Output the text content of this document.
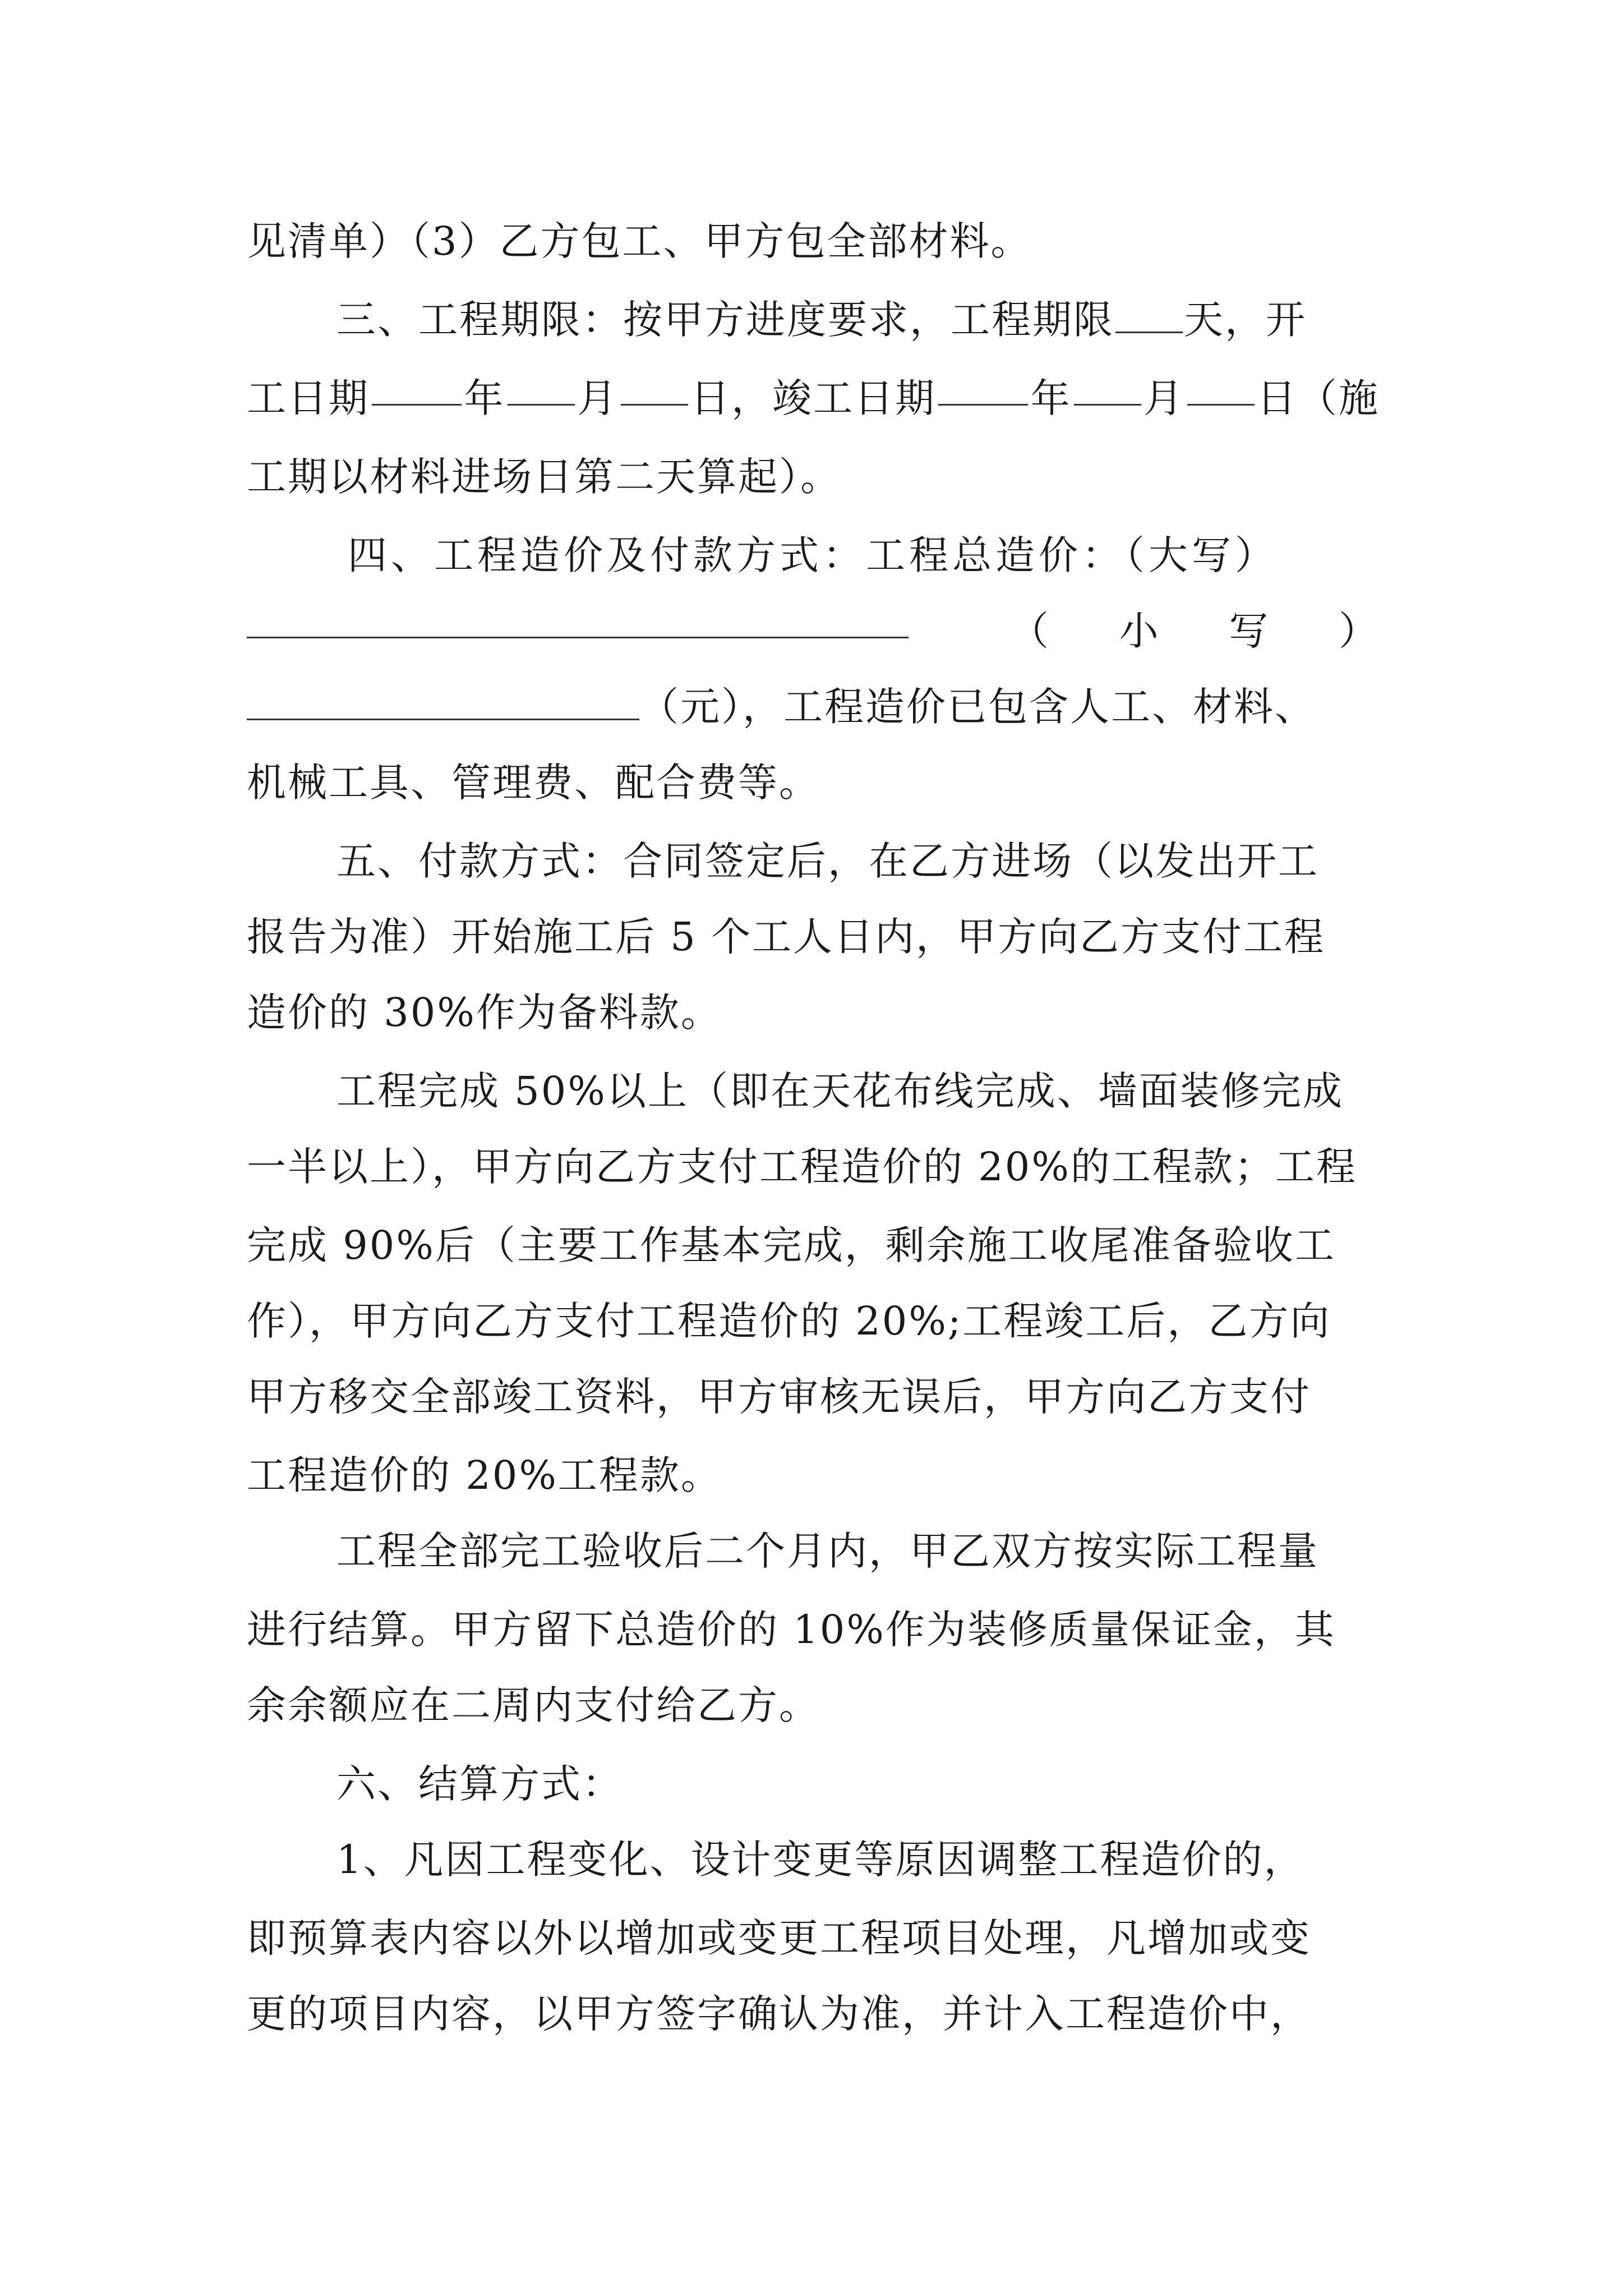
见清单）（3）乙方包工、甲方包全部材料。
三、工程期限：按甲方进度要求，工程期限 天，开
工日期 年 月 日，竣工日期 年 月 日（施
工期以材料进场日第二天算起）。
四、工程造价及付款方式：工程总造价：（大写）
（ 小 写 ）
（元），工程造价已包含人工、材料、
机械工具、管理费、配合费等。
五、付款方式：合同签定后，在乙方进场（以发出开工
报告为准）开始施工后 5 个工人日内，甲方向乙方支付工程
造价的 30%作为备料款。
工程完成 50%以上（即在天花布线完成、墙面装修完成
一半以上），甲方向乙方支付工程造价的 20%的工程款；工程
完成 90%后（主要工作基本完成，剩余施工收尾准备验收工
作），甲方向乙方支付工程造价的 20%;工程竣工后，乙方向
甲方移交全部竣工资料，甲方审核无误后，甲方向乙方支付
工程造价的 20%工程款。
工程全部完工验收后二个月内，甲乙双方按实际工程量
进行结算。甲方留下总造价的 10%作为装修质量保证金，其
余余额应在二周内支付给乙方。
六、结算方式：
1、凡因工程变化、设计变更等原因调整工程造价的，
即预算表内容以外以增加或变更工程项目处理，凡增加或变
更的项目内容，以甲方签字确认为准，并计入工程造价中，
